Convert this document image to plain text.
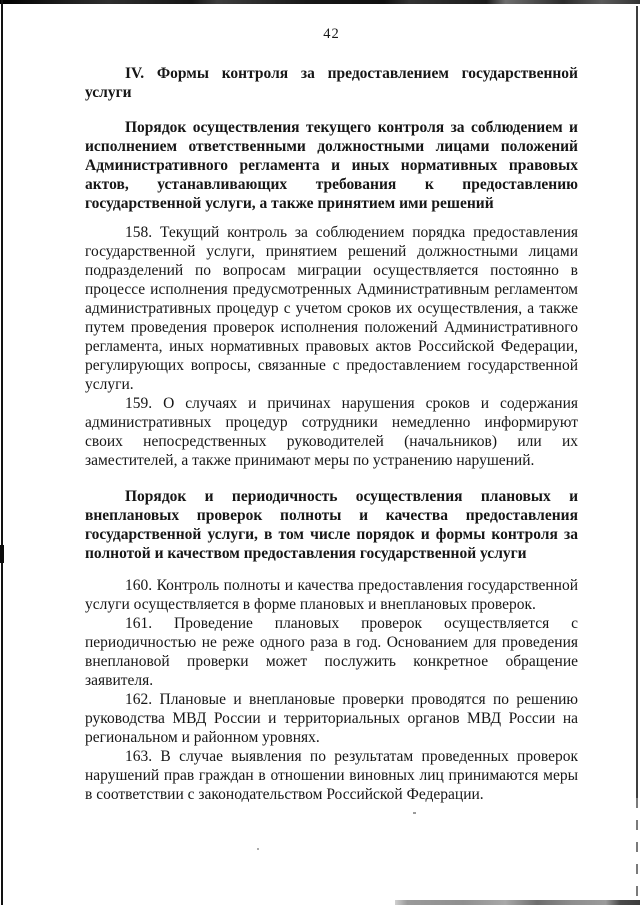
42
IV. Формы контроля за предоставлением государственной услуги
Порядок осуществления текущего контроля за соблюдением и исполнением ответственными должностными лицами положений Административного регламента и иных нормативных правовых актов, устанавливающих требования к предоставлению государственной услуги, а также принятием ими решений

158. Текущий контроль за соблюдением порядка предоставления государственной услуги, принятием решений должностными лицами подразделений по вопросам миграции осуществляется постоянно в процессе исполнения предусмотренных Административным регламентом административных процедур с учетом сроков их осуществления, а также путем проведения проверок исполнения положений Административного регламента, иных нормативных правовых актов Российской Федерации, регулирующих вопросы, связанные с предоставлением государственной услуги.

159. О случаях и причинах нарушения сроков и содержания административных процедур сотрудники немедленно информируют своих непосредственных руководителей (начальников) или их заместителей, а также принимают меры по устранению нарушений.

Порядок и периодичность осуществления плановых и внеплановых проверок полноты и качества предоставления государственной услуги, в том числе порядок и формы контроля за полнотой и качеством предоставления государственной услуги

160. Контроль полноты и качества предоставления государственной услуги осуществляется в форме плановых и внеплановых проверок.

161. Проведение плановых проверок осуществляется с периодичностью не реже одного раза в год. Основанием для проведения внеплановой проверки может послужить конкретное обращение заявителя.

162. Плановые и внеплановые проверки проводятся по решению руководства МВД России и территориальных органов МВД России на региональном и районном уровнях.

163. В случае выявления по результатам проведенных проверок нарушений прав граждан в отношении виновных лиц принимаются меры в соответствии с законодательством Российской Федерации.
